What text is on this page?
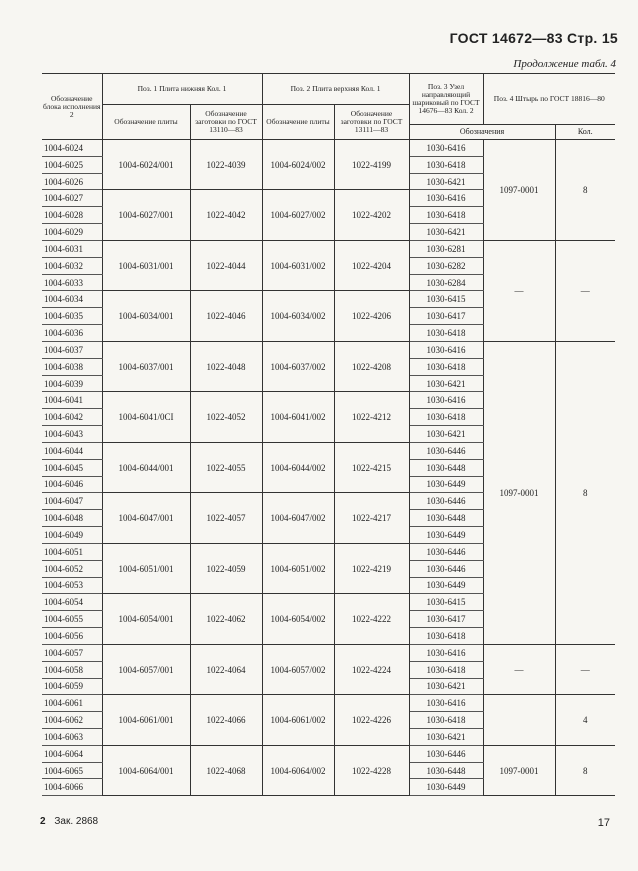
ГОСТ 14672—83 Стр. 15
Продолжение табл. 4
Обозначение блока исполнения 2	Поз. 1 Плита нижняя Кол. 1		Поз. 2 Плита верхняя Кол. 1		Поз. 3 Узел направляющий шариковый по ГОСТ 14676—83 Кол. 2	Поз. 4 Штырь по ГОСТ 18816—80	
	Обозначение плиты	Обозначение заготовки по ГОСТ 13110—83	Обозначение плиты	Обозначение заготовки по ГОСТ 13111—83			
					Обозначения		Кол.
1004-6024	1004-6024/001	1022-4039	1004-6024/002	1022-4199	1030-6416	1097-0001	8
1004-6025					1030-6418		
1004-6026					1030-6421		
1004-6027	1004-6027/001	1022-4042	1004-6027/002	1022-4202	1030-6416		
1004-6028					1030-6418		
1004-6029					1030-6421		
1004-6031	1004-6031/001	1022-4044	1004-6031/002	1022-4204	1030-6281	—	—
1004-6032					1030-6282		
1004-6033					1030-6284		
1004-6034	1004-6034/001	1022-4046	1004-6034/002	1022-4206	1030-6415		
1004-6035					1030-6417		
1004-6036					1030-6418		
1004-6037	1004-6037/001	1022-4048	1004-6037/002	1022-4208	1030-6416	1097-0001	8
1004-6038					1030-6418		
1004-6039					1030-6421		
1004-6041	1004-6041/0CI	1022-4052	1004-6041/002	1022-4212	1030-6416		
1004-6042					1030-6418		
1004-6043					1030-6421		
1004-6044	1004-6044/001	1022-4055	1004-6044/002	1022-4215	1030-6446		
1004-6045					1030-6448		
1004-6046					1030-6449		
1004-6047	1004-6047/001	1022-4057	1004-6047/002	1022-4217	1030-6446		
1004-6048					1030-6448		
1004-6049					1030-6449		
1004-6051	1004-6051/001	1022-4059	1004-6051/002	1022-4219	1030-6446		
1004-6052					1030-6446		
1004-6053					1030-6449		
1004-6054	1004-6054/001	1022-4062	1004-6054/002	1022-4222	1030-6415		
1004-6055					1030-6417		
1004-6056					1030-6418		
1004-6057	1004-6057/001	1022-4064	1004-6057/002	1022-4224	1030-6416	—	—
1004-6058					1030-6418		
1004-6059					1030-6421		
1004-6061	1004-6061/001	1022-4066	1004-6061/002	1022-4226	1030-6416		4
1004-6062					1030-6418		
1004-6063					1030-6421		
1004-6064	1004-6064/001	1022-4068	1004-6064/002	1022-4228	1030-6446	1097-0001	8
1004-6065					1030-6448		
1004-6066					1030-6449		
2 Зак. 2868	17
